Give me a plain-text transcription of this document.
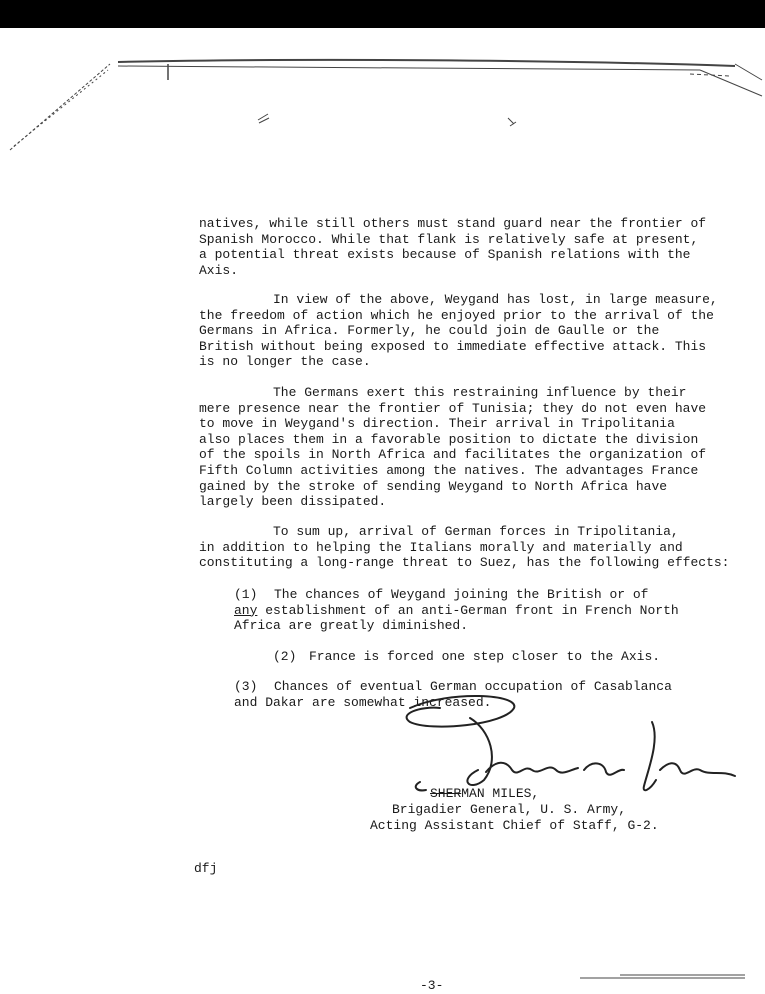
natives, while still others must stand guard near the frontier of
Spanish Morocco. While that flank is relatively safe at present,
a potential threat exists because of Spanish relations with the
Axis.

In view of the above, Weygand has lost, in large measure,
the freedom of action which he enjoyed prior to the arrival of the
Germans in Africa. Formerly, he could join de Gaulle or the
British without being exposed to immediate effective attack. This
is no longer the case.

The Germans exert this restraining influence by their
mere presence near the frontier of Tunisia; they do not even have
to move in Weygand's direction. Their arrival in Tripolitania
also places them in a favorable position to dictate the division
of the spoils in North Africa and facilitates the organization of
Fifth Column activities among the natives. The advantages France
gained by the stroke of sending Weygand to North Africa have
largely been dissipated.

To sum up, arrival of German forces in Tripolitania,
in addition to helping the Italians morally and materially and
constituting a long-range threat to Suez, has the following effects:

(1) The chances of Weygand joining the British or of
any establishment of an anti-German front in French North
Africa are greatly diminished.
(2) France is forced one step closer to the Axis.
(3) Chances of eventual German occupation of Casablanca
and Dakar are somewhat increased.
SHERMAN MILES,
Brigadier General, U. S. Army,
Acting Assistant Chief of Staff, G-2.
dfj
-3-
